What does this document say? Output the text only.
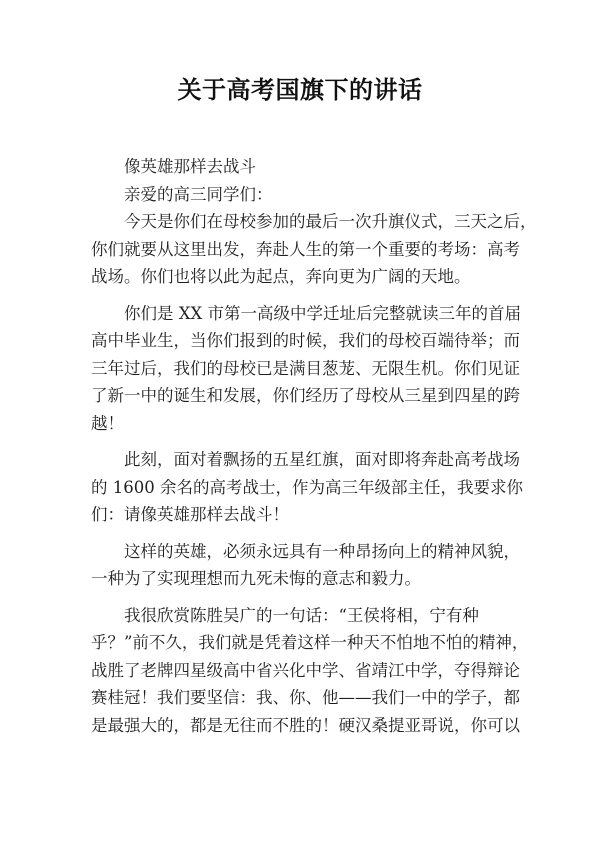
关于高考国旗下的讲话
像英雄那样去战斗
亲爱的高三同学们：
今天是你们在母校参加的最后一次升旗仪式，三天之后，
你们就要从这里出发，奔赴人生的第一个重要的考场：高考
战场。你们也将以此为起点，奔向更为广阔的天地。
你们是 XX 市第一高级中学迁址后完整就读三年的首届
高中毕业生，当你们报到的时候，我们的母校百端待举；而
三年过后，我们的母校已是满目葱茏、无限生机。你们见证
了新一中的诞生和发展，你们经历了母校从三星到四星的跨
越！
此刻，面对着飘扬的五星红旗，面对即将奔赴高考战场
的 1600 余名的高考战士，作为高三年级部主任，我要求你
们：请像英雄那样去战斗！
这样的英雄，必须永远具有一种昂扬向上的精神风貌，
一种为了实现理想而九死未悔的意志和毅力。
我很欣赏陈胜吴广的一句话：“王侯将相，宁有种
乎？”前不久，我们就是凭着这样一种天不怕地不怕的精神，
战胜了老牌四星级高中省兴化中学、省靖江中学，夺得辩论
赛桂冠！我们要坚信：我、你、他——我们一中的学子，都
是最强大的，都是无往而不胜的！硬汉桑提亚哥说，你可以
